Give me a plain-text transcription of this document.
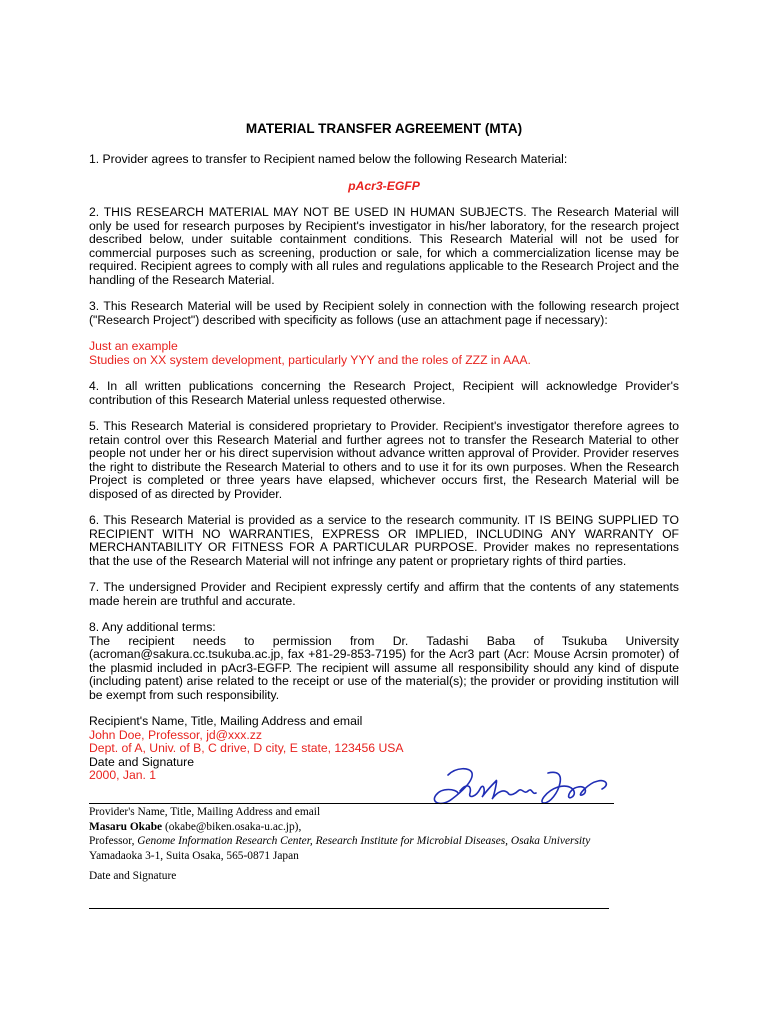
MATERIAL TRANSFER AGREEMENT (MTA)

1. Provider agrees to transfer to Recipient named below the following Research Material:

pAcr3-EGFP

2. THIS RESEARCH MATERIAL MAY NOT BE USED IN HUMAN SUBJECTS. The Research Material will only be used for research purposes by Recipient's investigator in his/her laboratory, for the research project described below, under suitable containment conditions. This Research Material will not be used for commercial purposes such as screening, production or sale, for which a commercialization license may be required. Recipient agrees to comply with all rules and regulations applicable to the Research Project and the handling of the Research Material.

3. This Research Material will be used by Recipient solely in connection with the following research project ("Research Project") described with specificity as follows (use an attachment page if necessary):

Just an example

Studies on XX system development, particularly YYY and the roles of ZZZ in AAA.

4. In all written publications concerning the Research Project, Recipient will acknowledge Provider's contribution of this Research Material unless requested otherwise.

5. This Research Material is considered proprietary to Provider. Recipient's investigator therefore agrees to retain control over this Research Material and further agrees not to transfer the Research Material to other people not under her or his direct supervision without advance written approval of Provider. Provider reserves the right to distribute the Research Material to others and to use it for its own purposes. When the Research Project is completed or three years have elapsed, whichever occurs first, the Research Material will be disposed of as directed by Provider.

6. This Research Material is provided as a service to the research community. IT IS BEING SUPPLIED TO RECIPIENT WITH NO WARRANTIES, EXPRESS OR IMPLIED, INCLUDING ANY WARRANTY OF MERCHANTABILITY OR FITNESS FOR A PARTICULAR PURPOSE. Provider makes no representations that the use of the Research Material will not infringe any patent or proprietary rights of third parties.

7. The undersigned Provider and Recipient expressly certify and affirm that the contents of any statements made herein are truthful and accurate.

8. Any additional terms:

The recipient needs to permission from Dr. Tadashi Baba of Tsukuba University (acroman@sakura.cc.tsukuba.ac.jp, fax +81-29-853-7195) for the Acr3 part (Acr: Mouse Acrsin promoter) of the plasmid included in pAcr3-EGFP. The recipient will assume all responsibility should any kind of dispute (including patent) arise related to the receipt or use of the material(s); the provider or providing institution will be exempt from such responsibility.

Recipient's Name, Title, Mailing Address and email

John Doe, Professor, jd@xxx.zz

Dept. of A, Univ. of B, C drive, D city, E state, 123456 USA

Date and Signature

2000, Jan. 1

Provider's Name, Title, Mailing Address and email
Masaru Okabe (okabe@biken.osaka-u.ac.jp),
Professor, Genome Information Research Center, Research Institute for Microbial Diseases, Osaka University
Yamadaoka 3-1, Suita Osaka, 565-0871 Japan
Date and Signature
